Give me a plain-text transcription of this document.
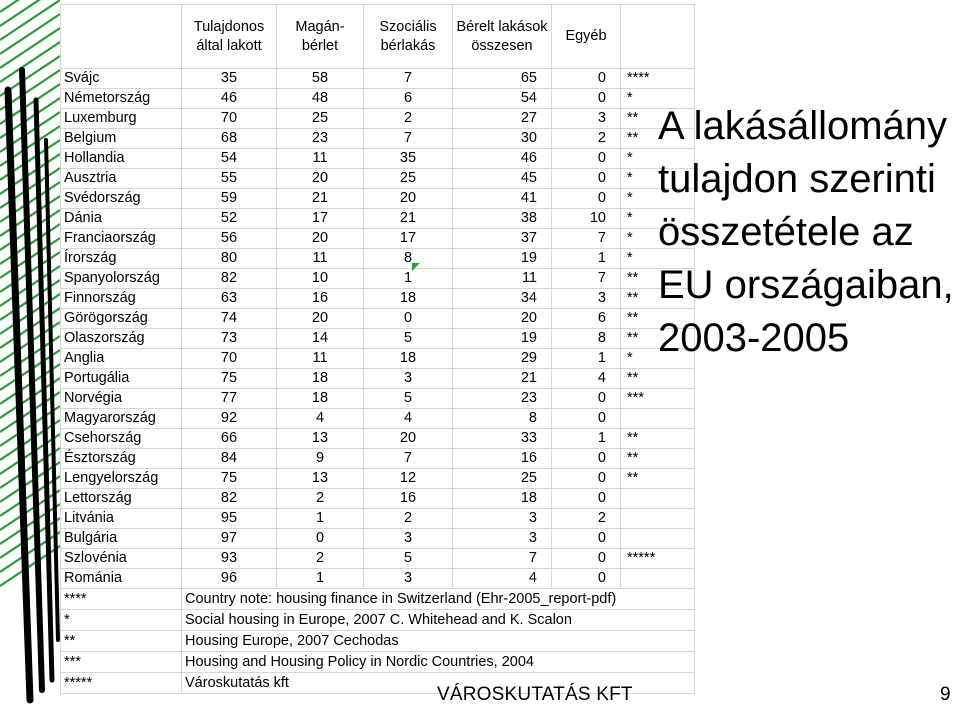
	Tulajdonos által lakott	Magán-bérlet	Szociális bérlakás	Bérelt lakások összesen	Egyéb	
Svájc	35	58	7	65	0	****
Németország	46	48	6	54	0	*
Luxemburg	70	25	2	27	3	**
Belgium	68	23	7	30	2	**
Hollandia	54	11	35	46	0	*
Ausztria	55	20	25	45	0	*
Svédország	59	21	20	41	0	*
Dánia	52	17	21	38	10	*
Franciaország	56	20	17	37	7	*
Írország	80	11	8	19	1	*
Spanyolország	82	10	1	11	7	**
Finnország	63	16	18	34	3	**
Görögország	74	20	0	20	6	**
Olaszország	73	14	5	19	8	**
Anglia	70	11	18	29	1	*
Portugália	75	18	3	21	4	**
Norvégia	77	18	5	23	0	***
Magyarország	92	4	4	8	0	
Csehország	66	13	20	33	1	**
Észtország	84	9	7	16	0	**
Lengyelország	75	13	12	25	0	**
Lettország	82	2	16	18	0	
Litvánia	95	1	2	3	2	
Bulgária	97	0	3	3	0	
Szlovénia	93	2	5	7	0	*****
Románia	96	1	3	4	0	
****	Country note: housing finance in Switzerland (Ehr-2005_report-pdf)					
*	Social housing in Europe, 2007 C. Whitehead and K. Scalon					
**	Housing Europe, 2007 Cechodas					
***	Housing and Housing Policy in Nordic Countries, 2004					
*****	Városkutatás kft					
A lakásállomány tulajdon szerinti összetétele az EU országaiban, 2003-2005
VÁROSKUTATÁS KFT	9
